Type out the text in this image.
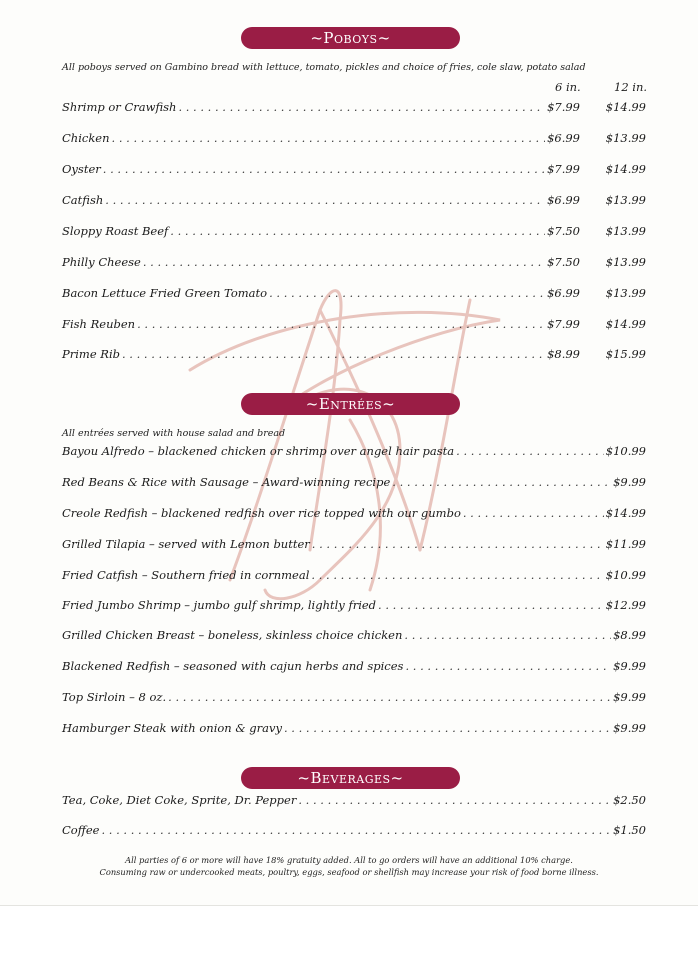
~Poboys~
All poboys served on Gambino bread with lettuce, tomato, pickles and choice of fries, cole slaw, potato salad
6 in.	12 in.
Shrimp or Crawfish . . .	$7.99	$14.99
Chicken . . .	$6.99	$13.99
Oyster . . .	$7.99	$14.99
Catfish . . .	$6.99	$13.99
Sloppy Roast Beef . . .	$7.50	$13.99
Philly Cheese . . .	$7.50	$13.99
Bacon Lettuce Fried Green Tomato . . .	$6.99	$13.99
Fish Reuben . . .	$7.99	$14.99
Prime Rib . . .	$8.99	$15.99
~Entrées~
All entrées served with house salad and bread
Bayou Alfredo – blackened chicken or shrimp over angel hair pasta . . .	$10.99
Red Beans & Rice with Sausage – Award-winning recipe . . .	$9.99
Creole Redfish – blackened redfish over rice topped with our gumbo . . .	$14.99
Grilled Tilapia – served with Lemon butter . . .	$11.99
Fried Catfish – Southern fried in cornmeal . . .	$10.99
Fried Jumbo Shrimp – jumbo gulf shrimp, lightly fried . . .	$12.99
Grilled Chicken Breast – boneless, skinless choice chicken . . .	$8.99
Blackened Redfish – seasoned with cajun herbs and spices . . .	$9.99
Top Sirloin – 8 oz. . . .	$9.99
Hamburger Steak with onion & gravy . . .	$9.99
~Beverages~
Tea, Coke, Diet Coke, Sprite, Dr. Pepper . . .	$2.50
Coffee . . .	$1.50
All parties of 6 or more will have 18% gratuity added. All to go orders will have an additional 10% charge.
Consuming raw or undercooked meats, poultry, eggs, seafood or shellfish may increase your risk of food borne illness.
